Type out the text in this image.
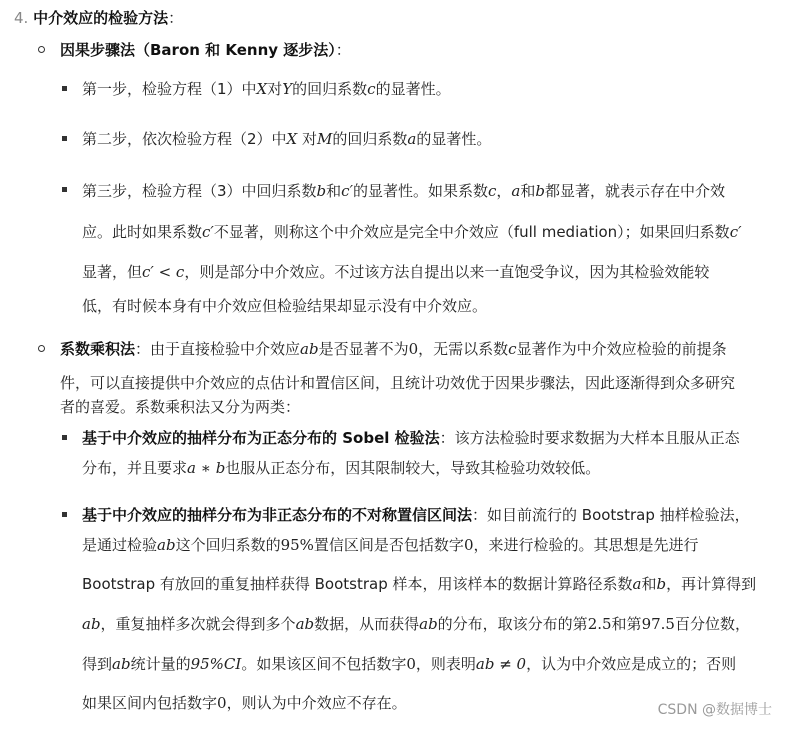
4. 中介效应的检验方法：
因果步骤法（Baron 和 Kenny 逐步法）：
第一步，检验方程（1）中X对Y的回归系数c的显著性。
第二步，依次检验方程（2）中X 对M的回归系数a的显著性。
第三步，检验方程（3）中回归系数b和c′的显著性。如果系数c，a和b都显著，就表示存在中介效
应。此时如果系数c′不显著，则称这个中介效应是完全中介效应（full mediation）；如果回归系数c′
显著，但c′ < c，则是部分中介效应。不过该方法自提出以来一直饱受争议，因为其检验效能较
低，有时候本身有中介效应但检验结果却显示没有中介效应。
系数乘积法：由于直接检验中介效应ab是否显著不为0，无需以系数c显著作为中介效应检验的前提条
件，可以直接提供中介效应的点估计和置信区间，且统计功效优于因果步骤法，因此逐渐得到众多研究
者的喜爱。系数乘积法又分为两类：
基于中介效应的抽样分布为正态分布的 Sobel 检验法：该方法检验时要求数据为大样本且服从正态
分布，并且要求a ∗ b也服从正态分布，因其限制较大，导致其检验功效较低。
基于中介效应的抽样分布为非正态分布的不对称置信区间法：如目前流行的 Bootstrap 抽样检验法，
是通过检验ab这个回归系数的95%置信区间是否包括数字0，来进行检验的。其思想是先进行
Bootstrap 有放回的重复抽样获得 Bootstrap 样本，用该样本的数据计算路径系数a和b，再计算得到
ab，重复抽样多次就会得到多个ab数据，从而获得ab的分布，取该分布的第2.5和第97.5百分位数，
得到ab统计量的95%CI。如果该区间不包括数字0，则表明ab ≠ 0，认为中介效应是成立的；否则
如果区间内包括数字0，则认为中介效应不存在。	CSDN @数据博士
